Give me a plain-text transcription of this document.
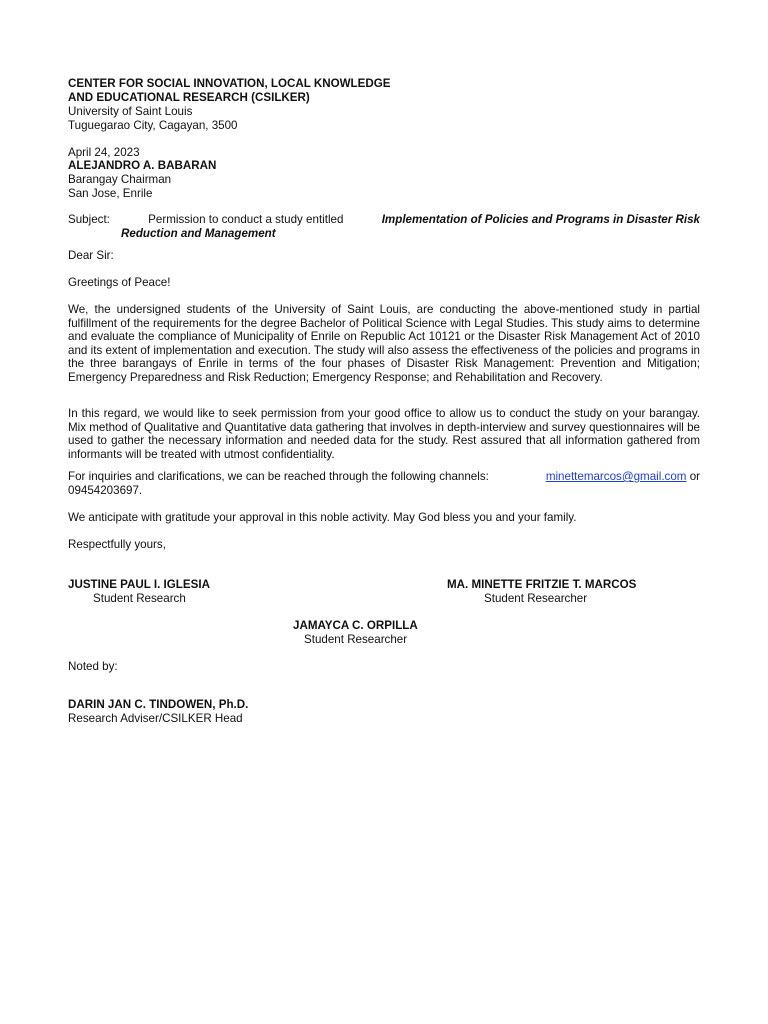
CENTER FOR SOCIAL INNOVATION, LOCAL KNOWLEDGE
AND EDUCATIONAL RESEARCH (CSILKER)
University of Saint Louis
Tuguegarao City, Cagayan, 3500
April 24, 2023
ALEJANDRO A. BABARAN
Barangay Chairman
San Jose, Enrile
Subject:	Permission to conduct a study entitled	Implementation of Policies and Programs in Disaster Risk
Reduction and Management
Dear Sir:
Greetings of Peace!
We, the undersigned students of the University of Saint Louis, are conducting the above-mentioned study in partial fulfillment of the requirements for the degree Bachelor of Political Science with Legal Studies. This study aims to determine and evaluate the compliance of Municipality of Enrile on Republic Act 10121 or the Disaster Risk Management Act of 2010 and its extent of implementation and execution. The study will also assess the effectiveness of the policies and programs in the three barangays of Enrile in terms of the four phases of Disaster Risk Management: Prevention and Mitigation; Emergency Preparedness and Risk Reduction; Emergency Response; and Rehabilitation and Recovery.
In this regard, we would like to seek permission from your good office to allow us to conduct the study on your barangay. Mix method of Qualitative and Quantitative data gathering that involves in depth-interview and survey questionnaires will be used to gather the necessary information and needed data for the study. Rest assured that all information gathered from informants will be treated with utmost confidentiality.
For inquiries and clarifications, we can be reached through the following channels:	minettemarcos@gmail.com or
09454203697.
We anticipate with gratitude your approval in this noble activity. May God bless you and your family.
Respectfully yours,
JUSTINE PAUL I. IGLESIA
Student Research
MA. MINETTE FRITZIE T. MARCOS
Student Researcher
JAMAYCA C. ORPILLA
Student Researcher
Noted by:
DARIN JAN C. TINDOWEN, Ph.D.
Research Adviser/CSILKER Head
